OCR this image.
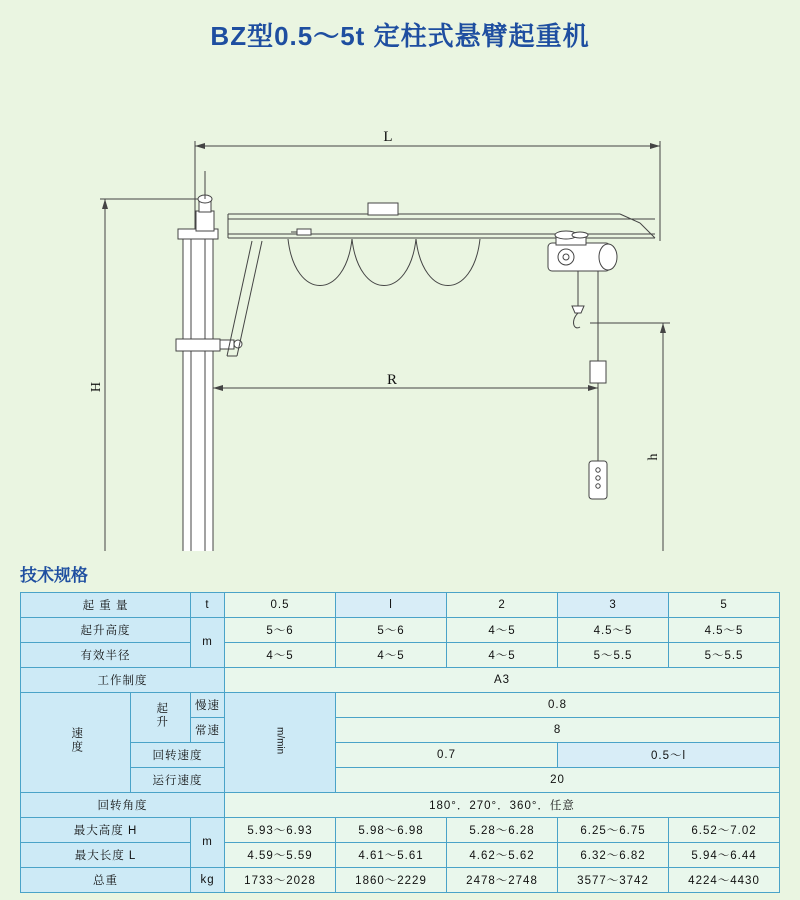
BZ型0.5～5t 定柱式悬臂起重机
L
R
H
h
技术规格
起 重 量		t	0.5	l	2	3	5
起升高度		m	5～6	5～6	4～5	4.5～5	4.5～5
有效半径			4～5	4～5	4～5	5～5.5	5～5.5
工作制度			A3				
速度	起升	慢速	m/min	0.8			
		常速		8			
	回转速度			0.7		0.5～l	
	运行速度			20			
回转角度			180°．270°．360°．任意				
最大高度 H		m	5.93～6.93	5.98～6.98	5.28～6.28	6.25～6.75	6.52～7.02
最大长度 L			4.59～5.59	4.61～5.61	4.62～5.62	6.32～6.82	5.94～6.44
总重		kg	1733～2028	1860～2229	2478～2748	3577～3742	4224～4430
